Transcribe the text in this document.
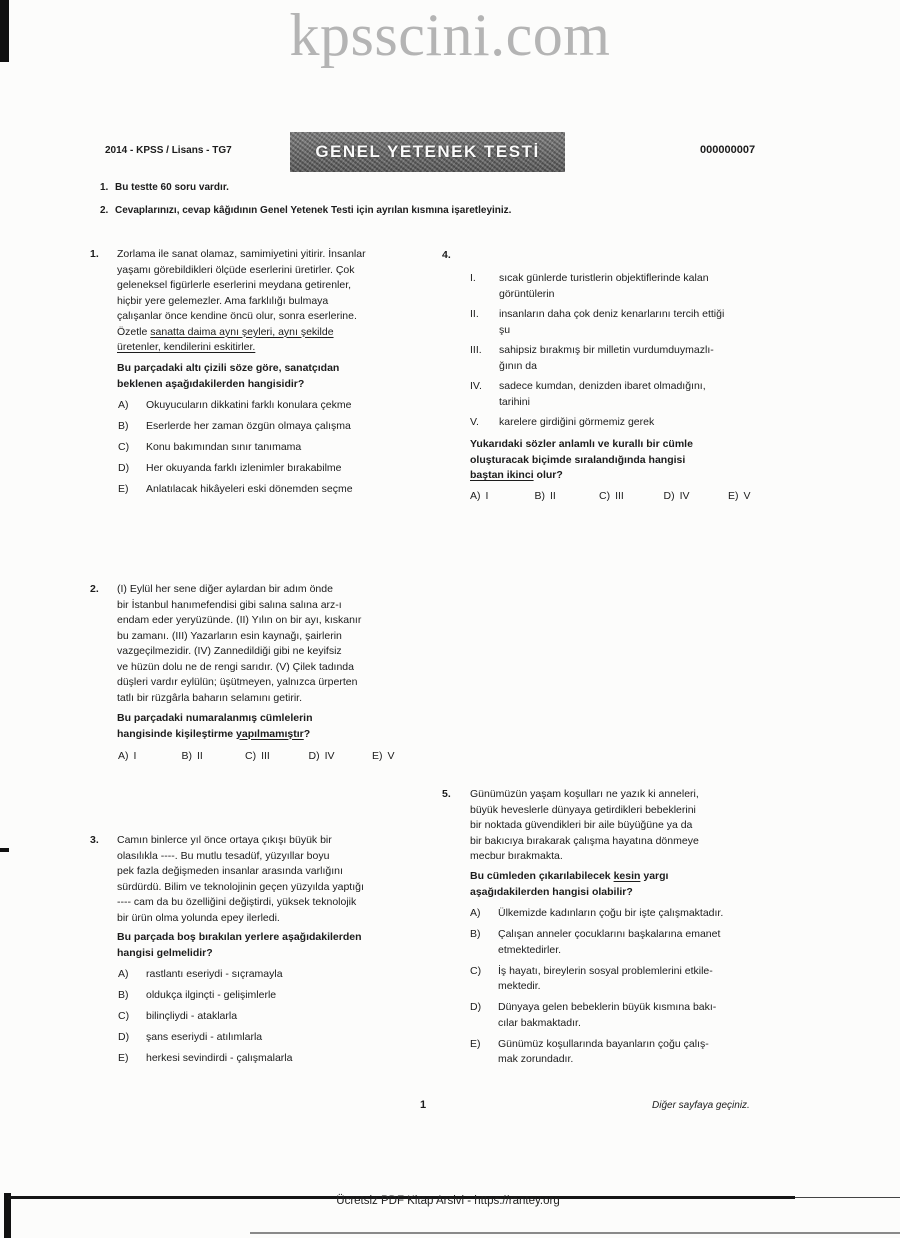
kpsscini.com
2014 - KPSS / Lisans - TG7	GENEL YETENEK TESTİ	000000007
1. Bu testte 60 soru vardır.
2. Cevaplarınızı, cevap kâğıdının Genel Yetenek Testi için ayrılan kısmına işaretleyiniz.
1. Zorlama ile sanat olamaz, samimiyetini yitirir. İnsanlar
yaşamı görebildikleri ölçüde eserlerini üretirler. Çok
geleneksel figürlerle eserlerini meydana getirenler,
hiçbir yere gelemezler. Ama farklılığı bulmaya
çalışanlar önce kendine öncü olur, sonra eserlerine.
Özetle sanatta daima aynı şeyleri, aynı şekilde
üretenler, kendilerini eskitirler.
Bu parçadaki altı çizili söze göre, sanatçıdan
beklenen aşağıdakilerden hangisidir?
A) Okuyucuların dikkatini farklı konulara çekme
B) Eserlerde her zaman özgün olmaya çalışma
C) Konu bakımından sınır tanımama
D) Her okuyanda farklı izlenimler bırakabilme
E) Anlatılacak hikâyeleri eski dönemden seçme
2. (I) Eylül her sene diğer aylardan bir adım önde
bir İstanbul hanımefendisi gibi salına salına arz-ı
endam eder yeryüzünde. (II) Yılın on bir ayı, kıskanır
bu zamanı. (III) Yazarların esin kaynağı, şairlerin
vazgeçilmezidir. (IV) Zannedildiği gibi ne keyifsiz
ve hüzün dolu ne de rengi sarıdır. (V) Çilek tadında
düşleri vardır eylülün; üşütmeyen, yalnızca ürperten
tatlı bir rüzgârla baharın selamını getirir.
Bu parçadaki numaralanmış cümlelerin
hangisinde kişileştirme yapılmamıştır?
A) I	B) II	C) III	D) IV	E) V
3. Camın binlerce yıl önce ortaya çıkışı büyük bir
olasılıkla ----. Bu mutlu tesadüf, yüzyıllar boyu
pek fazla değişmeden insanlar arasında varlığını
sürdürdü. Bilim ve teknolojinin geçen yüzyılda yaptığı
---- cam da bu özelliğini değiştirdi, yüksek teknolojik
bir ürün olma yolunda epey ilerledi.
Bu parçada boş bırakılan yerlere aşağıdakilerden
hangisi gelmelidir?
A) rastlantı eseriydi - sıçramayla
B) oldukça ilginçti - gelişimlerle
C) bilinçliydi - ataklarla
D) şans eseriydi - atılımlarla
E) herkesi sevindirdi - çalışmalarla
4.
I. sıcak günlerde turistlerin objektiflerinde kalan
görüntülerin
II. insanların daha çok deniz kenarlarını tercih ettiği
şu
III. sahipsiz bırakmış bir milletin vurdumduymazlı-
ğının da
IV. sadece kumdan, denizden ibaret olmadığını,
tarihini
V. karelere girdiğini görmemiz gerek
Yukarıdaki sözler anlamlı ve kurallı bir cümle
oluşturacak biçimde sıralandığında hangisi
baştan ikinci olur?
A) I	B) II	C) III	D) IV	E) V
5. Günümüzün yaşam koşulları ne yazık ki anneleri,
büyük heveslerle dünyaya getirdikleri bebeklerini
bir noktada güvendikleri bir aile büyüğüne ya da
bir bakıcıya bırakarak çalışma hayatına dönmeye
mecbur bırakmakta.
Bu cümleden çıkarılabilecek kesin yargı
aşağıdakilerden hangisi olabilir?
A) Ülkemizde kadınların çoğu bir işte çalışmaktadır.
B) Çalışan anneler çocuklarını başkalarına emanet
etmektedirler.
C) İş hayatı, bireylerin sosyal problemlerini etkile-
mektedir.
D) Dünyaya gelen bebeklerin büyük kısmına bakı-
cılar bakmaktadır.
E) Günümüz koşullarında bayanların çoğu çalış-
mak zorundadır.
1	Diğer sayfaya geçiniz.
Ücretsiz PDF Kitap Arsivi - https://rantey.org
